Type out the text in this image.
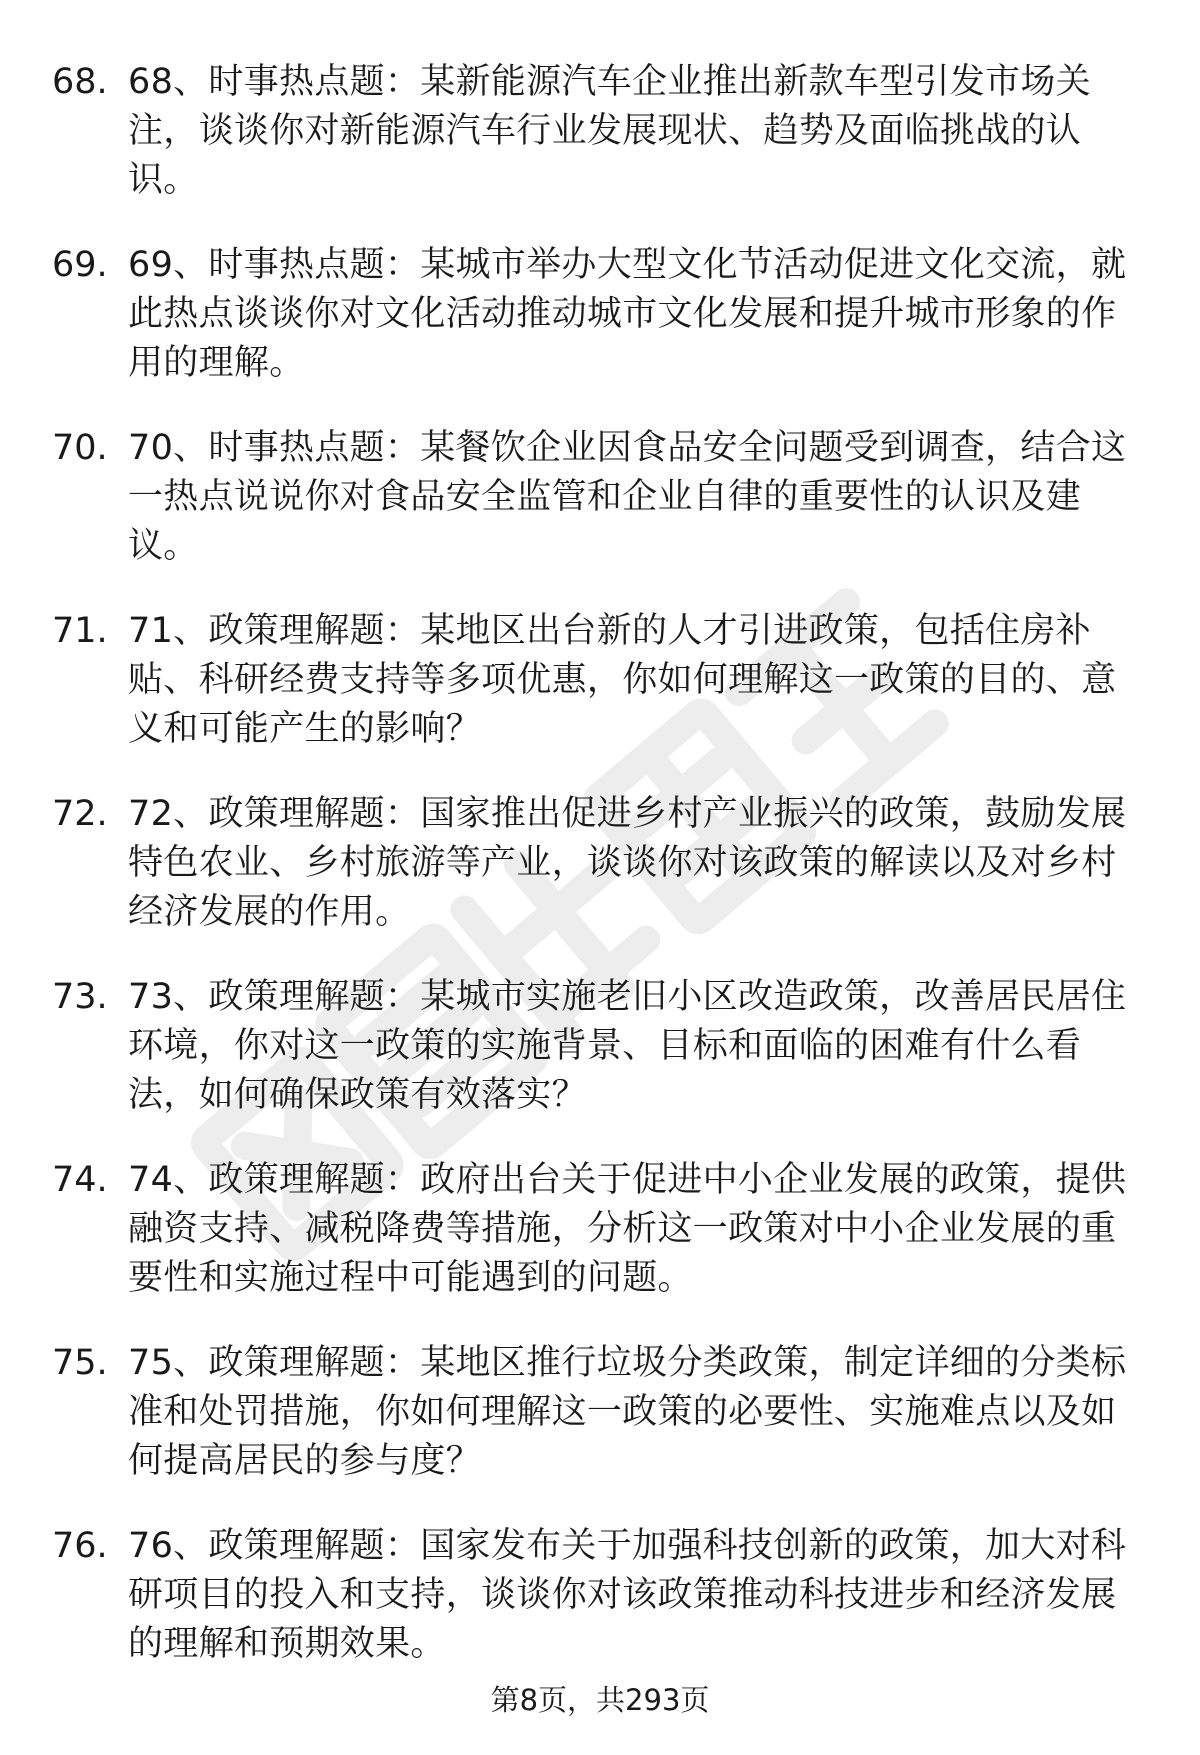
68. 68、时事热点题：某新能源汽车企业推出新款车型引发市场关注，谈谈你对新能源汽车行业发展现状、趋势及面临挑战的认识。
69. 69、时事热点题：某城市举办大型文化节活动促进文化交流，就此热点谈谈你对文化活动推动城市文化发展和提升城市形象的作用的理解。
70. 70、时事热点题：某餐饮企业因食品安全问题受到调查，结合这一热点说说你对食品安全监管和企业自律的重要性的认识及建议。
71. 71、政策理解题：某地区出台新的人才引进政策，包括住房补贴、科研经费支持等多项优惠，你如何理解这一政策的目的、意义和可能产生的影响？
72. 72、政策理解题：国家推出促进乡村产业振兴的政策，鼓励发展特色农业、乡村旅游等产业，谈谈你对该政策的解读以及对乡村经济发展的作用。
73. 73、政策理解题：某城市实施老旧小区改造政策，改善居民居住环境，你对这一政策的实施背景、目标和面临的困难有什么看法，如何确保政策有效落实？
74. 74、政策理解题：政府出台关于促进中小企业发展的政策，提供融资支持、减税降费等措施，分析这一政策对中小企业发展的重要性和实施过程中可能遇到的问题。
75. 75、政策理解题：某地区推行垃圾分类政策，制定详细的分类标准和处罚措施，你如何理解这一政策的必要性、实施难点以及如何提高居民的参与度？
76. 76、政策理解题：国家发布关于加强科技创新的政策，加大对科研项目的投入和支持，谈谈你对该政策推动科技进步和经济发展的理解和预期效果。
第8页，共293页
